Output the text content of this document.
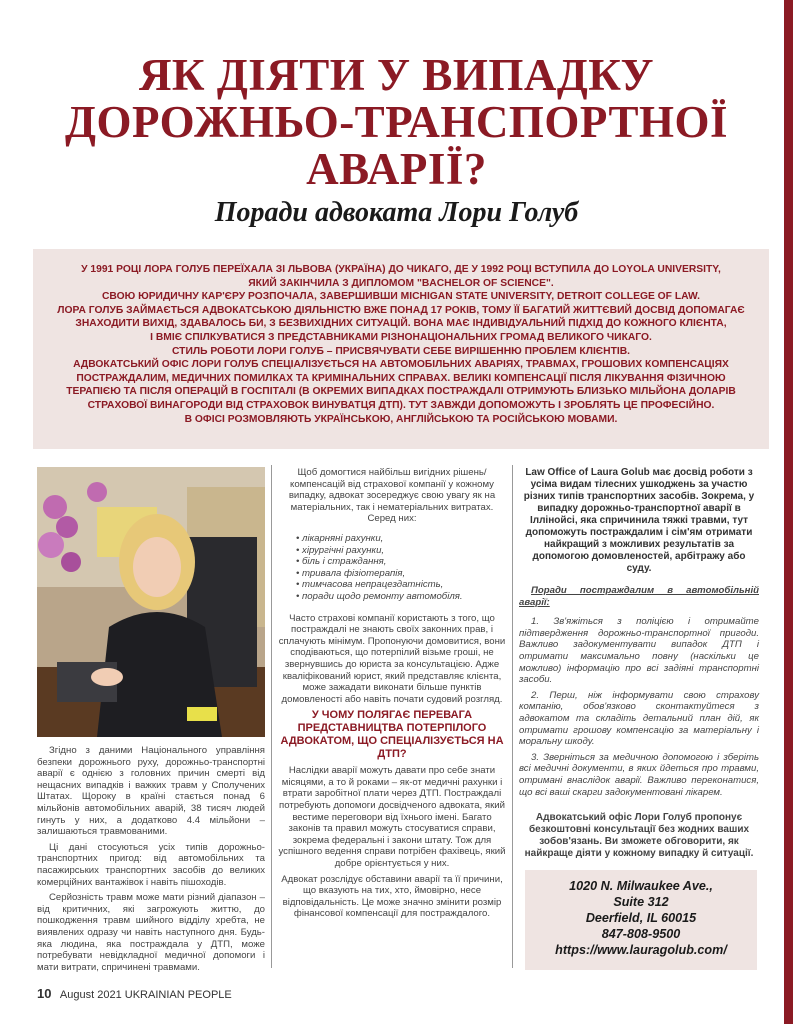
ЯК ДІЯТИ У ВИПАДКУ
ДОРОЖНЬО-ТРАНСПОРТНОЇ
АВАРІЇ?
Поради адвоката Лори Голуб

У 1991 РОЦІ ЛОРА ГОЛУБ ПЕРЕЇХАЛА ЗІ ЛЬВОВА (УКРАЇНА) ДО ЧИКАГО, ДЕ У 1992 РОЦІ ВСТУПИЛА ДО LOYOLA UNIVERSITY,

ЯКИЙ ЗАКІНЧИЛА З ДИПЛОМОМ "BACHELOR OF SCIENCE".

СВОЮ ЮРИДИЧНУ КАР'ЄРУ РОЗПОЧАЛА, ЗАВЕРШИВШИ MICHIGAN STATE UNIVERSITY, DETROIT COLLEGE OF LAW.

ЛОРА ГОЛУБ ЗАЙМАЄТЬСЯ АДВОКАТСЬКОЮ ДІЯЛЬНІСТЮ ВЖЕ ПОНАД 17 РОКІВ, ТОМУ ЇЇ БАГАТИЙ ЖИТТЄВИЙ ДОСВІД ДОПОМАГАЄ

ЗНАХОДИТИ ВИХІД, ЗДАВАЛОСЬ БИ, З БЕЗВИХІДНИХ СИТУАЦІЙ. ВОНА МАЄ ІНДИВІДУАЛЬНИЙ ПІДХІД ДО КОЖНОГО КЛІЄНТА,

І ВМІЄ СПІЛКУВАТИСЯ З ПРЕДСТАВНИКАМИ РІЗНОНАЦІОНАЛЬНИХ ГРОМАД ВЕЛИКОГО ЧИКАГО.

СТИЛЬ РОБОТИ ЛОРИ ГОЛУБ – ПРИСВЯЧУВАТИ СЕБЕ ВИРІШЕННЮ ПРОБЛЕМ КЛІЄНТІВ.

АДВОКАТСЬКИЙ ОФІС ЛОРИ ГОЛУБ СПЕЦІАЛІЗУЄТЬСЯ НА АВТОМОБІЛЬНИХ АВАРІЯХ, ТРАВМАХ, ГРОШОВИХ КОМПЕНСАЦІЯХ

ПОСТРАЖДАЛИМ, МЕДИЧНИХ ПОМИЛКАХ ТА КРИМІНАЛЬНИХ СПРАВАХ. ВЕЛИКІ КОМПЕНСАЦІЇ ПІСЛЯ ЛІКУВАННЯ ФІЗИЧНОЮ

ТЕРАПІЄЮ ТА ПІСЛЯ ОПЕРАЦІЙ В ГОСПІТАЛІ (В ОКРЕМИХ ВИПАДКАХ ПОСТРАЖДАЛІ ОТРИМУЮТЬ БЛИЗЬКО МІЛЬЙОНА ДОЛАРІВ

СТРАХОВОЇ ВИНАГОРОДИ ВІД СТРАХОВОК ВИНУВАТЦЯ ДТП). ТУТ ЗАВЖДИ ДОПОМОЖУТЬ І ЗРОБЛЯТЬ ЦЕ ПРОФЕСІЙНО.

В ОФІСІ РОЗМОВЛЯЮТЬ УКРАЇНСЬКОЮ, АНГЛІЙСЬКОЮ ТА РОСІЙСЬКОЮ МОВАМИ.

Згідно з даними Національного управління безпеки дорожнього руху, дорожньо-транспортні аварії є однією з головних причин смерті від нещасних випадків і важких травм у Сполучених Штатах. Щороку в країні стається понад 6 мільйонів автомобільних аварій, 38 тисяч людей гинуть у них, а додатково 4.4 мільйони – залишаються травмованими.

Ці дані стосуються усіх типів дорожньо-транспортних пригод: від автомобільних та пасажирських транспортних засобів до великих комерційних вантажівок і навіть пішоходів.

Серйозність травм може мати різний діапазон – від критичних, які загрожують життю, до пошкодження травм шийного відділу хребта, не виявлених одразу чи навіть наступного дня. Будь-яка людина, яка постраждала у ДТП, може потребувати невідкладної медичної допомоги і мати витрати, спричинені травмами.

Щоб домогтися найбільш вигідних рішень/компенсацій від страхової компанії у кожному випадку, адвокат зосереджує свою увагу як на матеріальних, так і нематеріальних витратах. Серед них:

• лікарняні рахунки,
• хірургічні рахунки,
• біль і страждання,
• тривала фізіотерапія,
• тимчасова непрацездатність,
• поради щодо ремонту автомобіля.

Часто страхові компанії користають з того, що постраждалі не знають своїх законних прав, і сплачують мінімум. Пропонуючи домовитися, вони сподіваються, що потерпілий візьме гроші, не звернувшись до юриста за консультацією. Адже кваліфікований юрист, який представляє клієнта, може зажадати виконати більше пунктів домовленості або навіть почати судовий розгляд.

У ЧОМУ ПОЛЯГАЄ ПЕРЕВАГА ПРЕДСТАВНИЦТВА ПОТЕРПІЛОГО АДВОКАТОМ, ЩО СПЕЦІАЛІЗУЄТЬСЯ НА ДТП?

Наслідки аварії можуть давати про себе знати місяцями, а то й роками – як-от медичні рахунки і втрати заробітної плати через ДТП. Постраждалі потребують допомоги досвідченого адвоката, який вестиме переговори від їхнього імені. Багато законів та правил можуть стосуватися справи, зокрема федеральні і закони штату. Тож для успішного ведення справи потрібен фахівець, який добре орієнтується у них.

Адвокат розслідує обставини аварії та її причини, що вказують на тих, хто, ймовірно, несе відповідальність. Це може значно змінити розмір фінансової компенсації для постраждалого.

Law Office of Laura Golub має досвід роботи з усіма видам тілесних ушкоджень за участю різних типів транспортних засобів. Зокрема, у випадку дорожньо-транспортної аварії в Іллінойсі, яка спричинила тяжкі травми, тут допоможуть постраждалим і сім'ям отримати найкращий з можливих результатів за допомогою домовленостей, арбітражу або суду.

Поради постраждалим в автомобільній аварії:

1. Зв'яжіться з поліцією і отримайте підтвердження дорожньо-транспортної пригоди. Важливо задокументувати випадок ДТП і отримати максимально повну (наскільки це можливо) інформацію про всі задіяні транспортні засоби.

2. Перш, ніж інформувати свою страхову компанію, обов'язково сконтактуйтеся з адвокатом та складіть детальний план дій, як отримати грошову компенсацію за матеріальну і моральну шкоду.

3. Зверніться за медичною допомогою і зберіть всі медичні документи, в яких йдеться про травми, отримані внаслідок аварії. Важливо переконатися, що всі ваші скарги задокументовані лікарем.

Адвокатський офіс Лори Голуб пропонує безкоштовні консультації без жодних ваших зобов'язань. Ви зможете обговорити, як найкраще діяти у кожному випадку й ситуації.

1020 N. Milwaukee Ave.,
Suite 312
Deerfield, IL 60015
847-808-9500
https://www.lauragolub.com/
10 August 2021 UKRAINIAN PEOPLE
